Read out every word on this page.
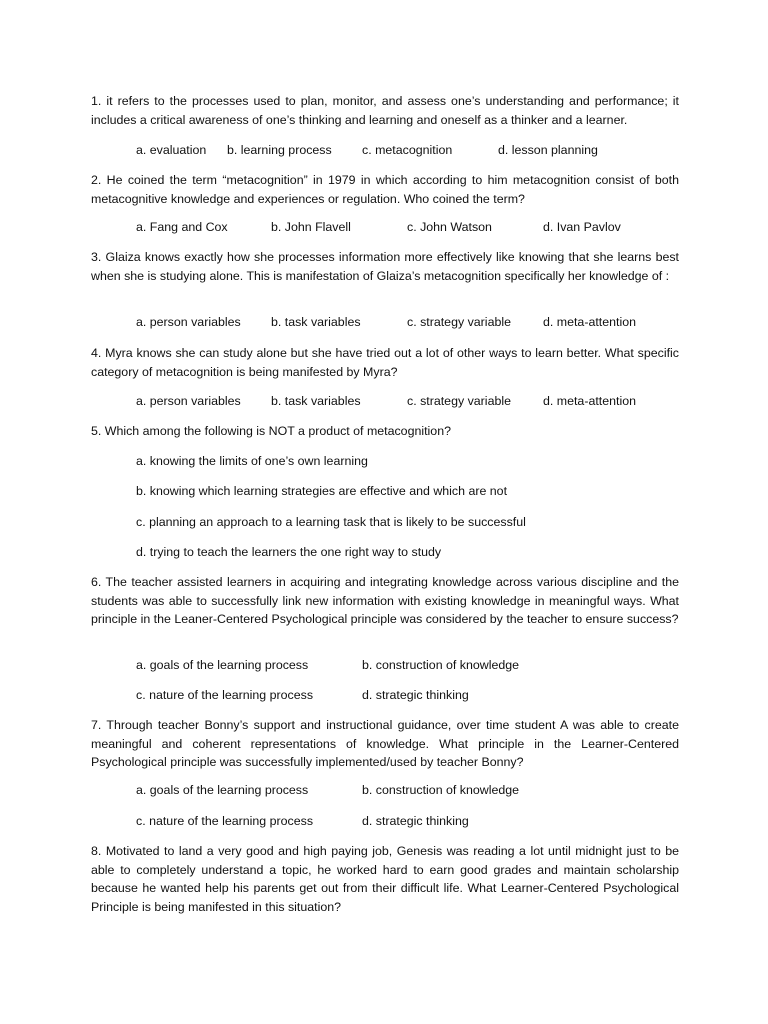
1. it refers to the processes used to plan, monitor, and assess one’s understanding and performance; it includes a critical awareness of one’s thinking and learning and oneself as a thinker and a learner.
a. evaluation b. learning process c. metacognition	d. lesson planning
2. He coined the term “metacognition” in 1979 in which according to him metacognition consist of both metacognitive knowledge and experiences or regulation. Who coined the term?
a. Fang and Cox	b. John Flavell	c. John Watson	d. Ivan Pavlov
3. Glaiza knows exactly how she processes information more effectively like knowing that she learns best when she is studying alone. This is manifestation of Glaiza’s metacognition specifically her knowledge of :
a. person variables b. task variables	c. strategy variable	d. meta-attention
4. Myra knows she can study alone but she have tried out a lot of other ways to learn better. What specific category of metacognition is being manifested by Myra?
a. person variables b. task variables	c. strategy variable	d. meta-attention
5. Which among the following is NOT a product of metacognition?
a. knowing the limits of one’s own learning
b. knowing which learning strategies are effective and which are not
c. planning an approach to a learning task that is likely to be successful
d. trying to teach the learners the one right way to study
6. The teacher assisted learners in acquiring and integrating knowledge across various discipline and the students was able to successfully link new information with existing knowledge in meaningful ways. What principle in the Leaner-Centered Psychological principle was considered by the teacher to ensure success?
a. goals of the learning process	b. construction of knowledge
c. nature of the learning process	d. strategic thinking
7. Through teacher Bonny’s support and instructional guidance, over time student A was able to create meaningful and coherent representations of knowledge. What principle in the Learner-Centered Psychological principle was successfully implemented/used by teacher Bonny?
a. goals of the learning process	b. construction of knowledge
c. nature of the learning process	d. strategic thinking
8. Motivated to land a very good and high paying job, Genesis was reading a lot until midnight just to be able to completely understand a topic, he worked hard to earn good grades and maintain scholarship because he wanted help his parents get out from their difficult life. What Learner-Centered Psychological Principle is being manifested in this situation?
